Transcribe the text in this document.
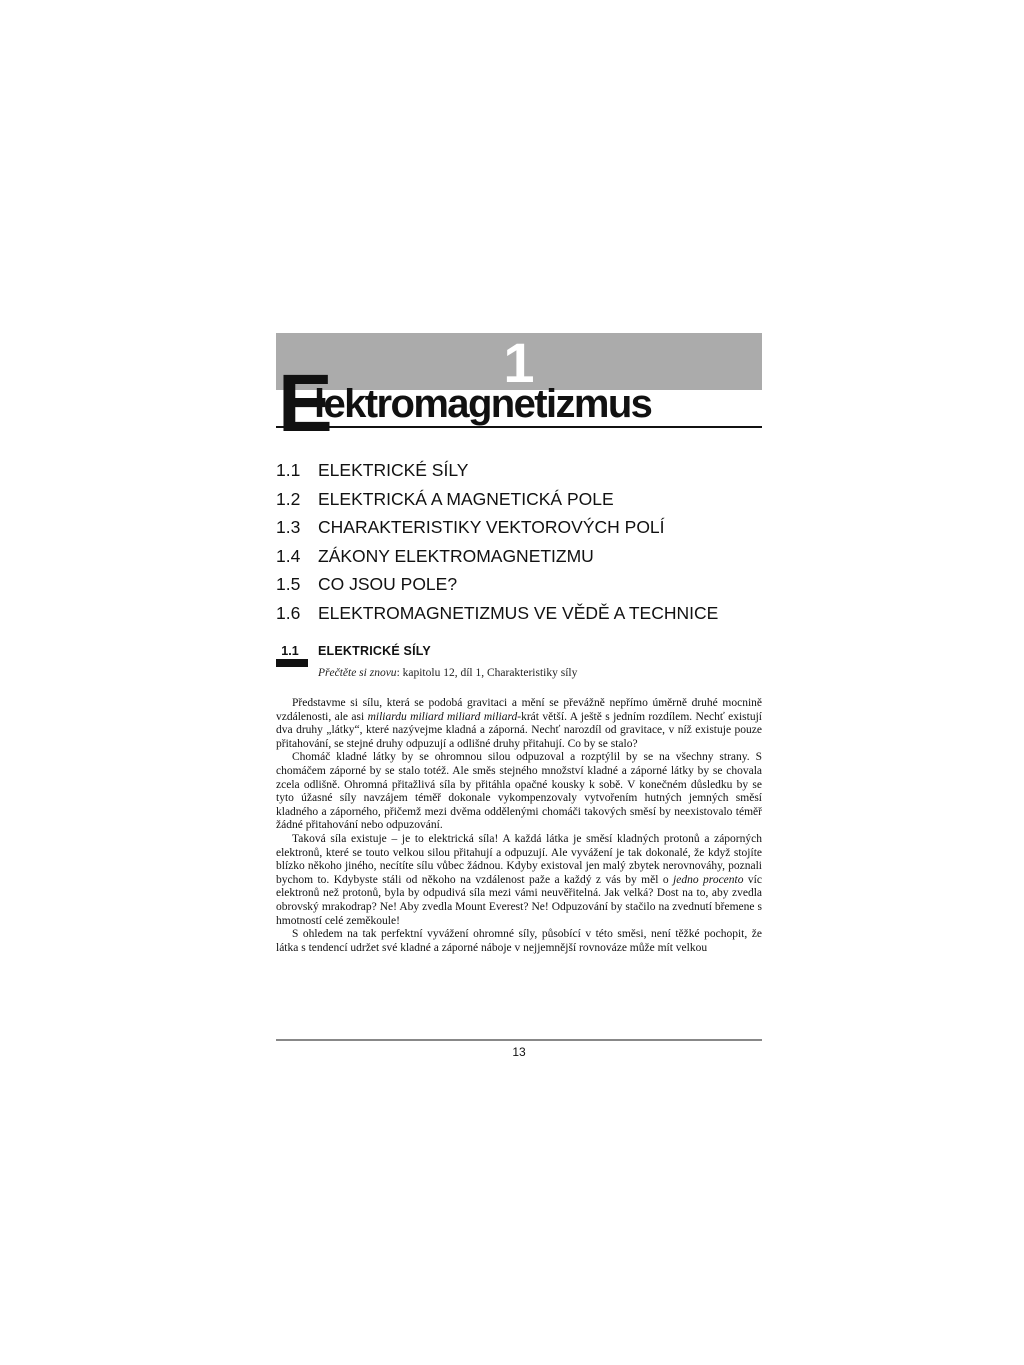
1
E
lektromagnetizmus
1.1 ELEKTRICKÉ SÍLY
1.2 ELEKTRICKÁ A MAGNETICKÁ POLE
1.3 CHARAKTERISTIKY VEKTOROVÝCH POLÍ
1.4 ZÁKONY ELEKTROMAGNETIZMU
1.5 CO JSOU POLE?
1.6 ELEKTROMAGNETIZMUS VE VĚDĚ A TECHNICE
1.1	ELEKTRICKÉ SÍLY
Přečtěte si znovu: kapitolu 12, díl 1, Charakteristiky síly

Představme si sílu, která se podobá gravitaci a mění se převážně nepřímo úměrně druhé mocnině vzdálenosti, ale asi miliardu miliard miliard miliard-krát větší. A ještě s jedním rozdílem. Nechť existují dva druhy „látky“, které nazývejme kladná a záporná. Nechť narozdíl od gravitace, v níž existuje pouze přitahování, se stejné druhy odpuzují a odlišné druhy přitahují. Co by se stalo?

Chomáč kladné látky by se ohromnou silou odpuzoval a rozptýlil by se na všechny strany. S chomáčem záporné by se stalo totéž. Ale směs stejného množství kladné a záporné látky by se chovala zcela odlišně. Ohromná přitažlivá síla by přitáhla opačné kousky k sobě. V konečném důsledku by se tyto úžasné síly navzájem téměř dokonale vykompenzovaly vytvořením hutných jemných směsí kladného a záporného, přičemž mezi dvěma oddělenými chomáči takových směsí by neexistovalo téměř žádné přitahování nebo odpuzování.

Taková síla existuje – je to elektrická síla! A každá látka je směsí kladných protonů a záporných elektronů, které se touto velkou silou přitahují a odpuzují. Ale vyvážení je tak dokonalé, že když stojíte blízko někoho jiného, necítíte sílu vůbec žádnou. Kdyby existoval jen malý zbytek nerovnováhy, poznali bychom to. Kdybyste stáli od někoho na vzdálenost paže a každý z vás by měl o jedno procento víc elektronů než protonů, byla by odpudivá síla mezi vámi neuvěřitelná. Jak velká? Dost na to, aby zvedla obrovský mrakodrap? Ne! Aby zvedla Mount Everest? Ne! Odpuzování by stačilo na zvednutí břemene s hmotností celé zeměkoule!

S ohledem na tak perfektní vyvážení ohromné síly, působící v této směsi, není těžké pochopit, že látka s tendencí udržet své kladné a záporné náboje v nejjemnější rovnováze může mít velkou

13
